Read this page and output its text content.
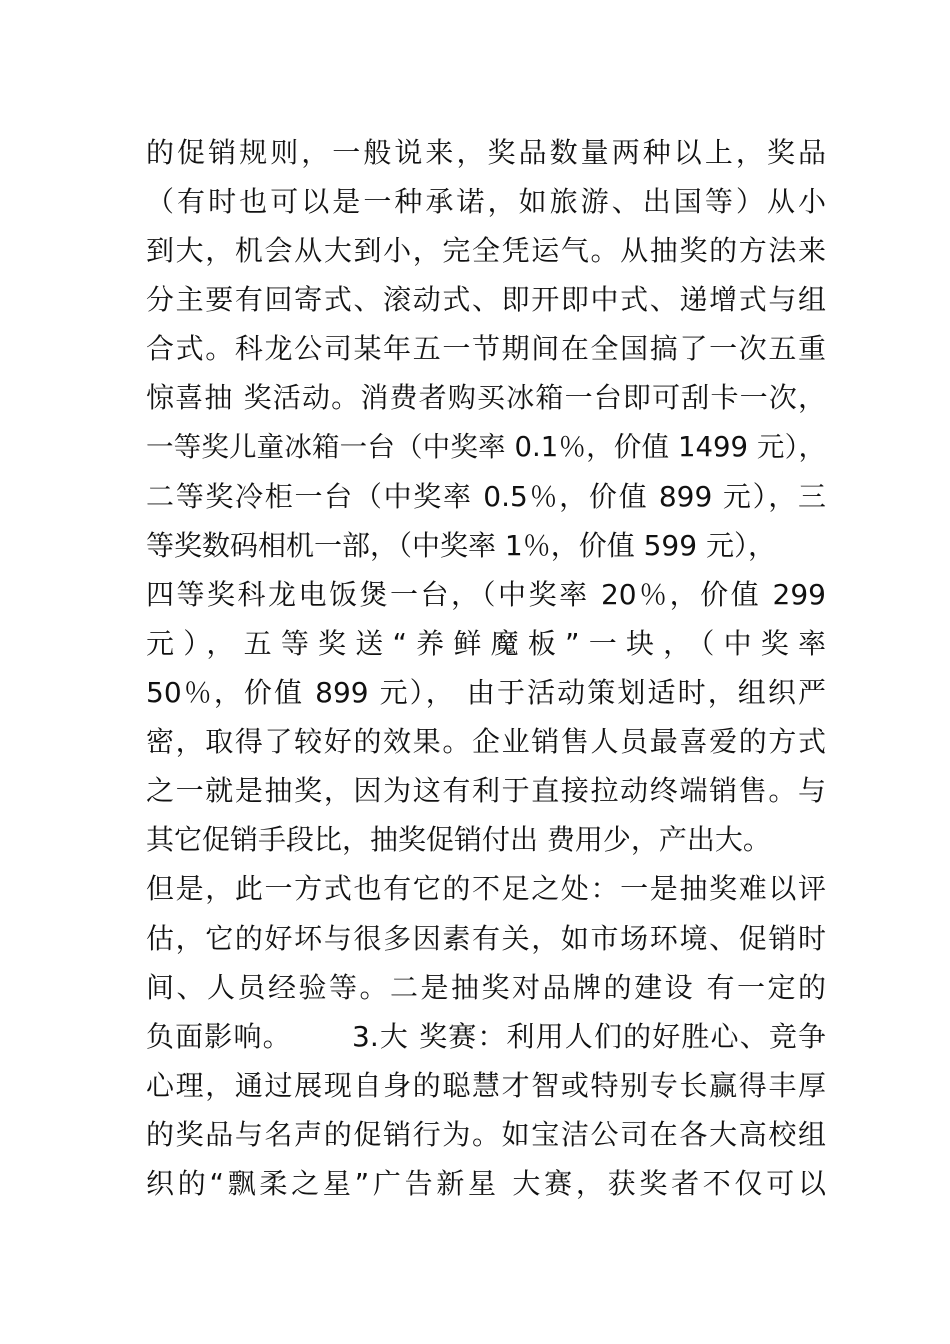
的促销规则，一般说来，奖品数量两种以上，奖品
（有时也可以是一种承诺，如旅游、出国等）从小
到大，机会从大到小，完全凭运气。从抽奖的方法来
分主要有回寄式、滚动式、即开即中式、递增式与组
合式。科龙公司某年五一节期间在全国搞了一次五重
惊喜抽 奖活动。消费者购买冰箱一台即可刮卡一次，
一等奖儿童冰箱一台（中奖率 0.1％，价值 1499 元），
二等奖冷柜一台（中奖率 0.5％，价值 899 元），三
等奖数码相机一部，（中奖率 1％，价值 599 元），
四等奖科龙电饭煲一台，（中奖率 20％，价值 299
元），五等奖送“养鲜魔板”一块，（中奖率
50％，价值 899 元）， 由于活动策划适时，组织严
密，取得了较好的效果。企业销售人员最喜爱的方式
之一就是抽奖，因为这有利于直接拉动终端销售。与
其它促销手段比，抽奖促销付出 费用少，产出大。
但是，此一方式也有它的不足之处：一是抽奖难以评
估，它的好坏与很多因素有关，如市场环境、促销时
间、人员经验等。二是抽奖对品牌的建设 有一定的
负面影响。      3.大 奖赛：利用人们的好胜心、竞争
心理，通过展现自身的聪慧才智或特别专长赢得丰厚
的奖品与名声的促销行为。如宝洁公司在各大高校组
织的“飘柔之星”广告新星 大赛，获奖者不仅可以
